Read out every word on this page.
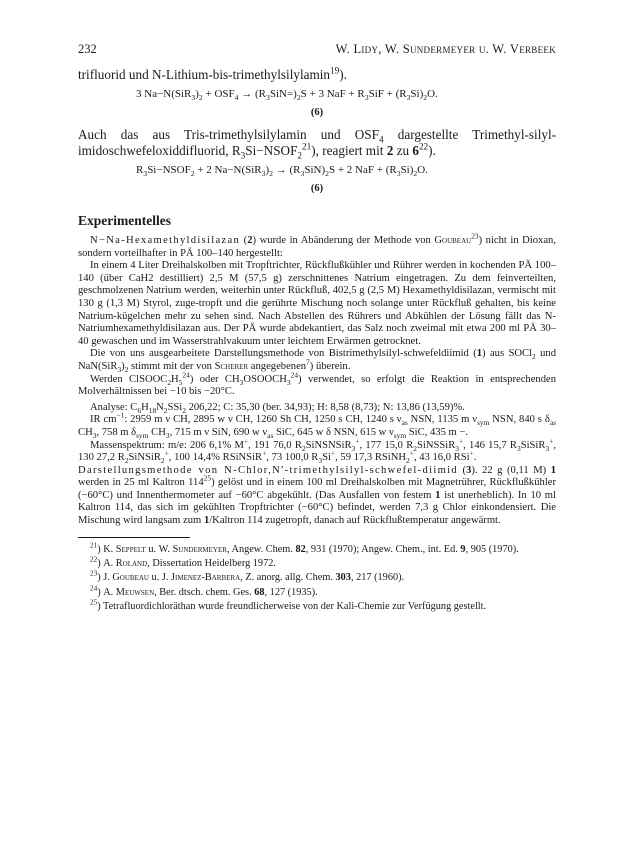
232	W. Lidy, W. Sundermeyer u. W. Verbeek
trifluorid und N-Lithium-bis-trimethylsilylamin$^{19}$).
3 $Na-N(SiR_3)_2 + OSF_4 \to (R_3SiN=)_2S + 3$ NaF + $R_3SiF + (R_3Si)_2O$.
(6)
Auch das aus Tris-trimethylsilylamin und $OSF_4$ dargestellte Trimethyl-silyl-imidoschwefeloxiddifluorid, $R_3Si-NSOF_2^{21}$), reagiert mit 2 zu $6^{22}$).
$R_3Si-NSOF_2 + 2$ $Na-N(SiR_3)_2 \to (R_3SiN)_2S + 2$ NaF + $(R_3Si)_2O$.
(6)
Experimentelles

N−Na-Hexamethyldisilazan (2) wurde in Abänderung der Methode von Goubeau$^{23}$) nicht in Dioxan, sondern vorteilhafter in PÄ 100–140 hergestellt:

In einem 4 Liter Dreihalskolben mit Tropftrichter, Rückflußkühler und Rührer werden in kochenden PÄ 100–140 (über CaH2 destilliert) 2,5 M (57,5 g) zerschnittenes Natrium eingetragen. Zu dem feinverteilten, geschmolzenen Natrium werden, weiterhin unter Rückfluß, 402,5 g (2,5 M) Hexamethyldisilazan, vermischt mit 130 g (1,3 M) Styrol, zuge-tropft und die gerührte Mischung noch solange unter Rückfluß gehalten, bis keine Natrium-kügelchen mehr zu sehen sind. Nach Abstellen des Rührers und Abkühlen der Lösung fällt das N-Natriumhexamethyldisilazan aus. Der PÄ wurde abdekantiert, das Salz noch zweimal mit etwa 200 ml PÄ 30–40 gewaschen und im Wasserstrahlvakuum unter leichtem Erwärmen getrocknet.

Die von uns ausgearbeitete Darstellungsmethode von Bistrimethylsilyl-schwefeldiimid (1) aus SOCl$_2$ und $NaN(SiR_3)_2$ stimmt mit der von Scherer angegebenen$^7$) überein.

Werden $ClSOOC_2H_5^{24}$) oder $CH_3OSOOCH_3^{24}$) verwendet, so erfolgt die Reaktion in entsprechenden Molverhältnissen bei −10 bis −20°C.

Analyse: $C_6H_{18}N_2SSi_2$ 206,22; C: 35,30 (ber. 34,93); H: 8,58 (8,73); N: 13,86 (13,59)%.

IR $cm^{-1}$: 2959 m ν CH, 2895 w ν CH, 1260 Sh CH, 1250 s CH, 1240 s $\nu_{as}$ NSN, 1135 m $\nu_{sym}$ NSN, 840 s $\delta_{as}$ $CH_3$, 758 m $\delta_{sym}$ $CH_3$, 715 m ν SiN, 690 w $\nu_{as}$ SiC, 645 w δ NSN, 615 w $\nu_{sym}$ SiC, 435 m −.

Massenspektrum: m/e: 206 6,1% M+, 191 76,0 $R_2SiNSNSiR_3^+$, 177 15,0 $R_2SiNSSiR_3^+$, 146 15,7 $R_3SiSiR_3^+$, 130 27,2 $R_2SiNSiR_2^+$, 100 14,4% RSiNSiR+, 73 100,0 $R_3Si^+$, 59 17,3 RSiNH$_2$+, 43 16,0 RSi+.

Darstellungsmethode von N-Chlor,N′-trimethylsilyl-schwefel-diimid (3). 22 g (0,11 M) 1 werden in 25 ml Kaltron $114^{25}$) gelöst und in einem 100 ml Dreihalskolben mit Magnetrührer, Rückflußkühler (−60°C) und Innenthermometer auf −60°C abgekühlt. (Das Ausfallen von festem 1 ist unerheblich). In 10 ml Kaltron 114, das sich im gekühlten Tropftrichter (−60°C) befindet, werden 7,3 g Chlor einkondensiert. Die Mischung wird langsam zum 1/Kaltron 114 zugetropft, danach auf Rückflußtemperatur angewärmt.

$^{21}$) K. Seppelt u. W. Sundermeyer, Angew. Chem. 82, 931 (1970); Angew. Chem., int. Ed. 9, 905 (1970).
$^{22}$) A. Roland, Dissertation Heidelberg 1972.
$^{23}$) J. Goubeau u. J. Jimenez-Barbera, Z. anorg. allg. Chem. 303, 217 (1960).
$^{24}$) A. Meuwsen, Ber. dtsch. chem. Ges. 68, 127 (1935).
$^{25}$) Tetrafluordichloräthan wurde freundlicherweise von der Kali-Chemie zur Verfügung gestellt.
